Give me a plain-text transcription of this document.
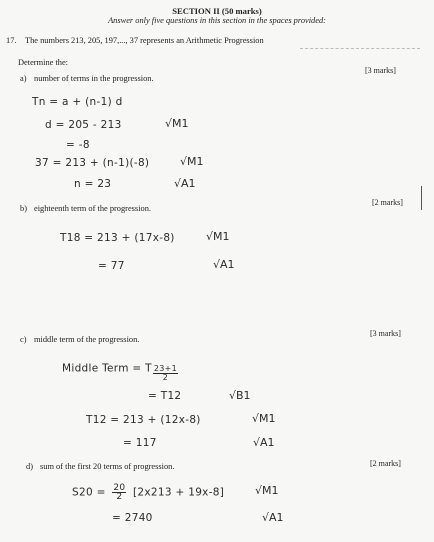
SECTION II (50 marks)
Answer only five questions in this section in the spaces provided:
17. The numbers 213, 205, 197,..., 37 represents an Arithmetic Progression
Determine the:
a) number of terms in the progression.
[3 marks]
Tn = a + (n-1) d
d = 205 - 213	√M1
= -8
37 = 213 + (n-1)(-8)	√M1
n = 23	√A1
b) eighteenth term of the progression.
[2 marks]
T18 = 213 + (17x-8)	√M1
= 77	√A1
c) middle term of the progression.
[3 marks]
Middle Term = T $\frac{23+1}{2}$
= T12	√B1
T12 = 213 + (12x-8)	√M1
= 117	√A1
d) sum of the first 20 terms of progression.	[2 marks]
$S20 = \frac{20}{2} [2x213 + 19x-8]$	√M1
= 2740	√A1
